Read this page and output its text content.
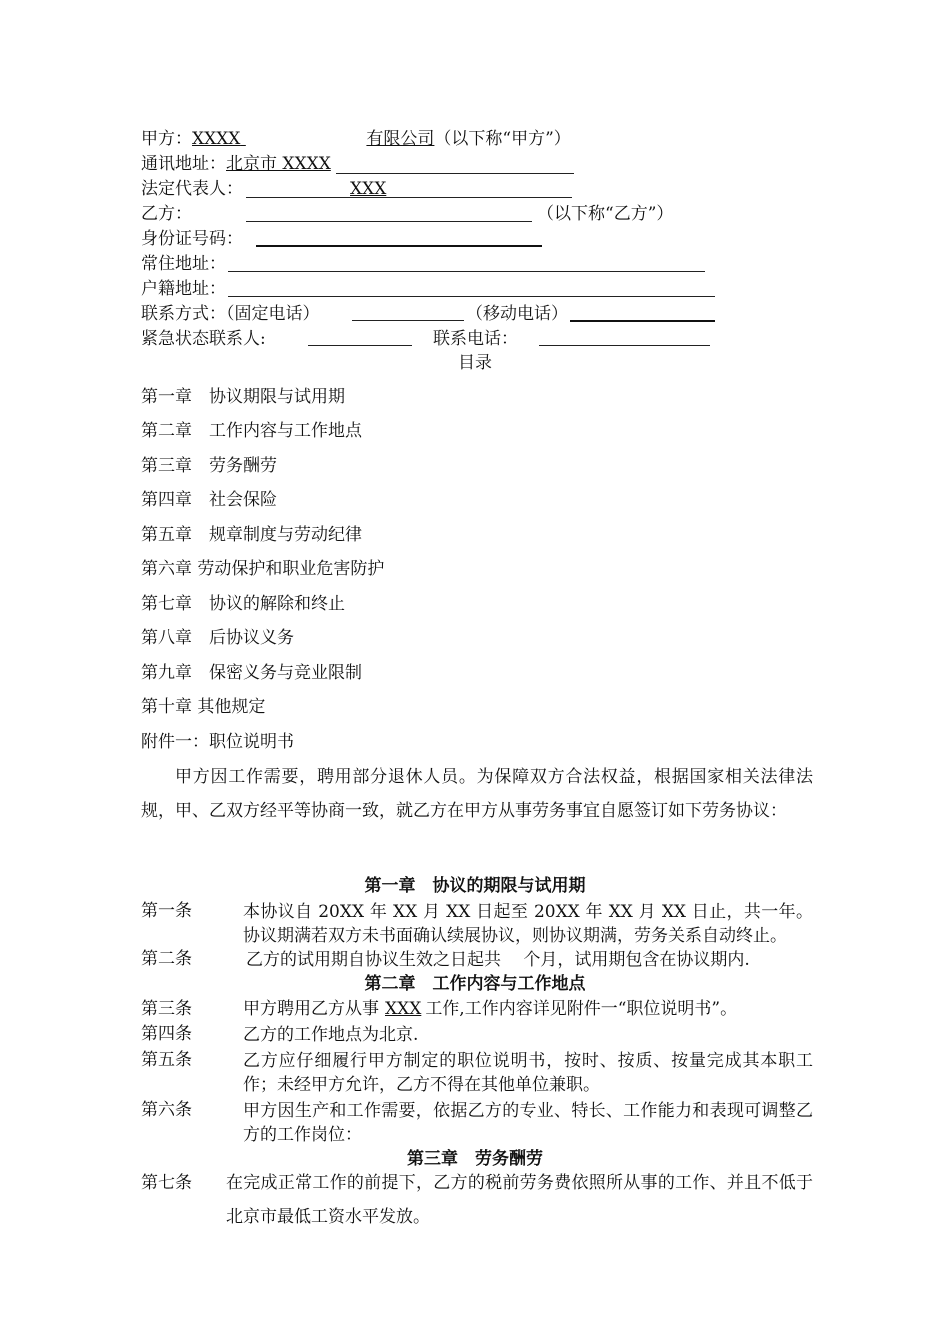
甲方：XXXX	有限公司（以下称“甲方”）
通讯地址：北京市 XXXX
法定代表人：	XXX
乙方：	（以下称“乙方”）
身份证号码：
常住地址：
户籍地址：
联系方式：（固定电话）	（移动电话）
紧急状态联系人:	联系电话：
目录
第一章　协议期限与试用期
第二章　工作内容与工作地点
第三章　劳务酬劳
第四章　社会保险
第五章　规章制度与劳动纪律
第六章 劳动保护和职业危害防护
第七章　协议的解除和终止
第八章　后协议义务
第九章　保密义务与竞业限制
第十章 其他规定
附件一：职位说明书
甲方因工作需要，聘用部分退休人员。为保障双方合法权益，根据国家相关法律法规，甲、乙双方经平等协商一致，就乙方在甲方从事劳务事宜自愿签订如下劳务协议：
第一章　协议的期限与试用期
第一条	本协议自 20XX 年 XX 月 XX 日起至 20XX 年 XX 月 XX 日止，共一年。协议期满若双方未书面确认续展协议，则协议期满，劳务关系自动终止。
第二条	乙方的试用期自协议生效之日起共　 个月，试用期包含在协议期内.
第二章　工作内容与工作地点
第三条	甲方聘用乙方从事 XXX 工作,工作内容详见附件一“职位说明书”。
第四条	乙方的工作地点为北京.
第五条	乙方应仔细履行甲方制定的职位说明书，按时、按质、按量完成其本职工作；未经甲方允许，乙方不得在其他单位兼职。
第六条	甲方因生产和工作需要，依据乙方的专业、特长、工作能力和表现可调整乙方的工作岗位：
第三章　劳务酬劳
第七条 在完成正常工作的前提下，乙方的税前劳务费依照所从事的工作、并且不低于北京市最低工资水平发放。
